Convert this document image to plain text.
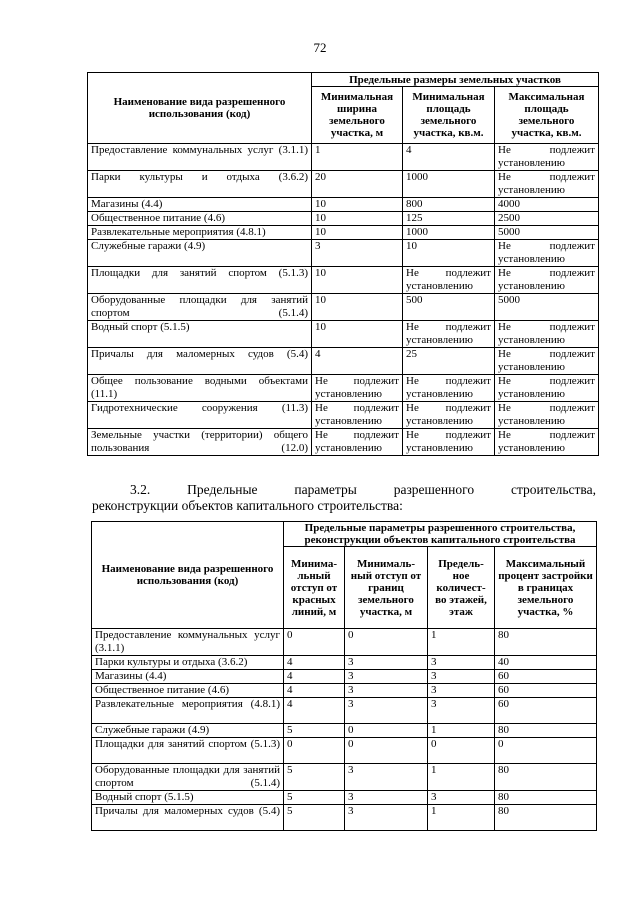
72
Наименование вида разрешенного использования (код)	Предельные размеры земельных участков		
	Минимальная ширина земельного участка, м	Минимальная площадь земельного участка, кв.м.	Максимальная площадь земельного участка, кв.м.
Предоставление коммунальных услуг (3.1.1)	1	4	Не подлежит установлению
Парки культуры и отдыха (3.6.2)	20	1000	Не подлежит установлению
Магазины (4.4)	10	800	4000
Общественное питание (4.6)	10	125	2500
Развлекательные мероприятия (4.8.1)	10	1000	5000
Служебные гаражи (4.9)	3	10	Не подлежит установлению
Площадки для занятий спортом (5.1.3)	10	Не подлежит установлению	Не подлежит установлению
Оборудованные площадки для занятий спортом (5.1.4)	10	500	5000
Водный спорт (5.1.5)	10	Не подлежит установлению	Не подлежит установлению
Причалы для маломерных судов (5.4)	4	25	Не подлежит установлению
Общее пользование водными объектами (11.1)	Не подлежит установлению	Не подлежит установлению	Не подлежит установлению
Гидротехнические сооружения (11.3)	Не подлежит установлению	Не подлежит установлению	Не подлежит установлению
Земельные участки (территории) общего пользования (12.0)	Не подлежит установлению	Не подлежит установлению	Не подлежит установлению
3.2. Предельные параметры разрешенного строительства,
реконструкции объектов капитального строительства:
Наименование вида разрешенного использования (код)	Предельные параметры разрешенного строительства, реконструкции объектов капитального строительства			
	Минима-льный отступ от красных линий, м	Минималь-ный отступ от границ земельного участка, м	Предель-ное количест-во этажей, этаж	Максимальный процент застройки в границах земельного участка, %
Предоставление коммунальных услуг (3.1.1)	0	0	1	80
Парки культуры и отдыха (3.6.2)	4	3	3	40
Магазины (4.4)	4	3	3	60
Общественное питание (4.6)	4	3	3	60
Развлекательные мероприятия (4.8.1)	4	3	3	60
Служебные гаражи (4.9)	5	0	1	80
Площадки для занятий спортом (5.1.3)	0	0	0	0
Оборудованные площадки для занятий спортом (5.1.4)	5	3	1	80
Водный спорт (5.1.5)	5	3	3	80
Причалы для маломерных судов (5.4)	5	3	1	80
